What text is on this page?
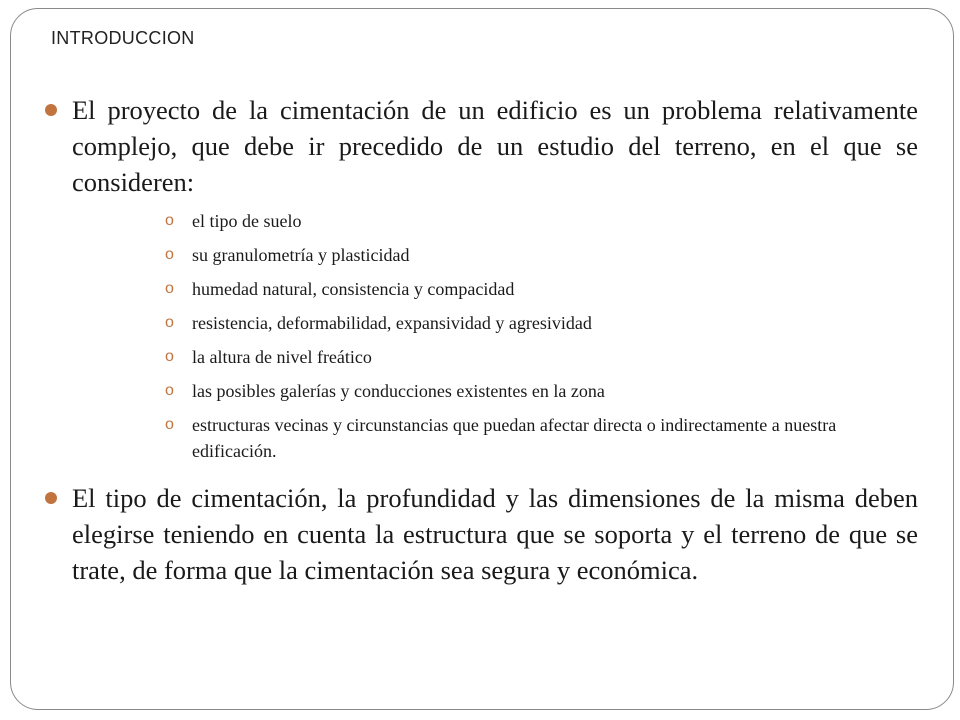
INTRODUCCION
El proyecto de la cimentación de un edificio es un problema relativamente complejo, que debe ir precedido de un estudio del terreno, en el que se consideren:
o el tipo de suelo
o su granulometría y plasticidad
o humedad natural, consistencia y compacidad
o resistencia, deformabilidad, expansividad y agresividad
o la altura de nivel freático
o las posibles galerías y conducciones existentes en la zona
o estructuras vecinas y circunstancias que puedan afectar directa o indirectamente a nuestra edificación.
El tipo de cimentación, la profundidad y las dimensiones de la misma deben elegirse teniendo en cuenta la estructura que se soporta y el terreno de que se trate, de forma que la cimentación sea segura y económica.
